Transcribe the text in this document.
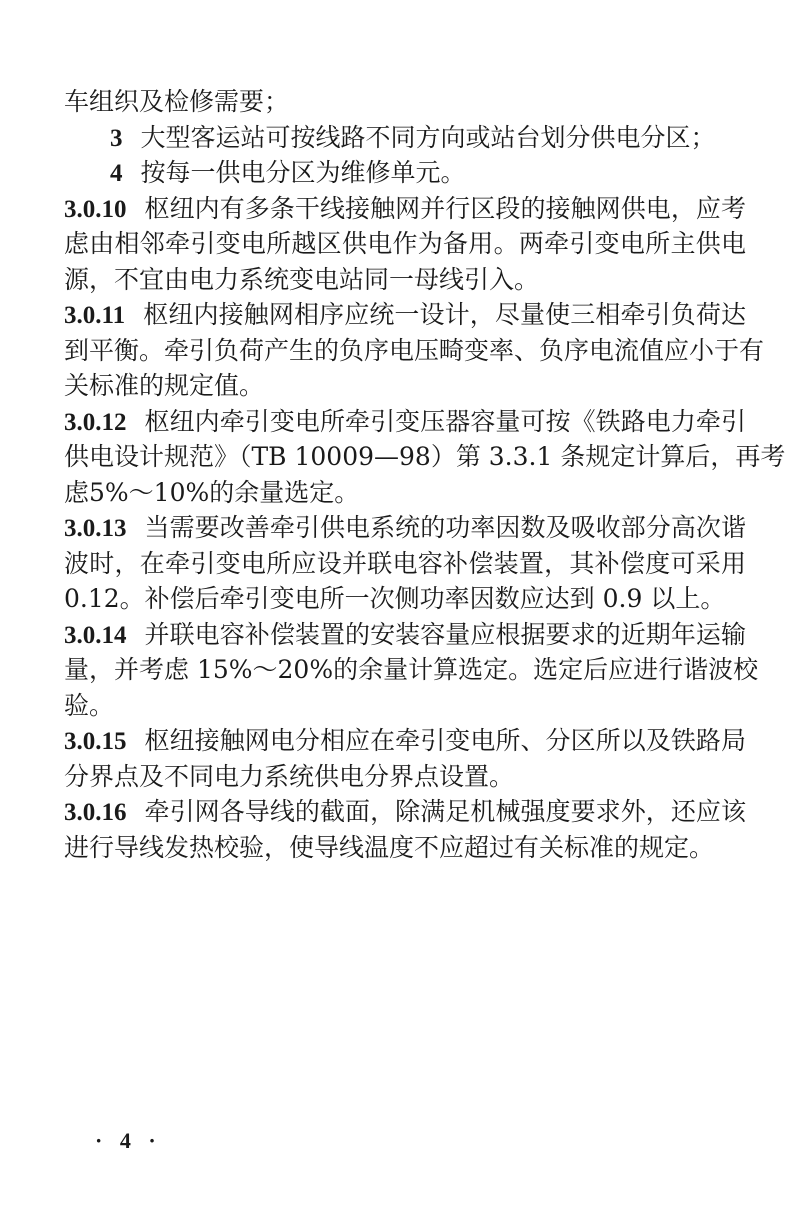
车组织及检修需要；
3 大型客运站可按线路不同方向或站台划分供电分区；
4 按每一供电分区为维修单元。
3.0.10 枢纽内有多条干线接触网并行区段的接触网供电，应考
虑由相邻牵引变电所越区供电作为备用。两牵引变电所主供电
源，不宜由电力系统变电站同一母线引入。
3.0.11 枢纽内接触网相序应统一设计，尽量使三相牵引负荷达
到平衡。牵引负荷产生的负序电压畸变率、负序电流值应小于有
关标准的规定值。
3.0.12 枢纽内牵引变电所牵引变压器容量可按《铁路电力牵引
供电设计规范》（TB 10009—98）第 3.3.1 条规定计算后，再考
虑5%～10%的余量选定。
3.0.13 当需要改善牵引供电系统的功率因数及吸收部分高次谐
波时，在牵引变电所应设并联电容补偿装置，其补偿度可采用
0.12。补偿后牵引变电所一次侧功率因数应达到 0.9 以上。
3.0.14 并联电容补偿装置的安装容量应根据要求的近期年运输
量，并考虑 15%～20%的余量计算选定。选定后应进行谐波校
验。
3.0.15 枢纽接触网电分相应在牵引变电所、分区所以及铁路局
分界点及不同电力系统供电分界点设置。
3.0.16 牵引网各导线的截面，除满足机械强度要求外，还应该
进行导线发热校验，使导线温度不应超过有关标准的规定。
· 4 ·
